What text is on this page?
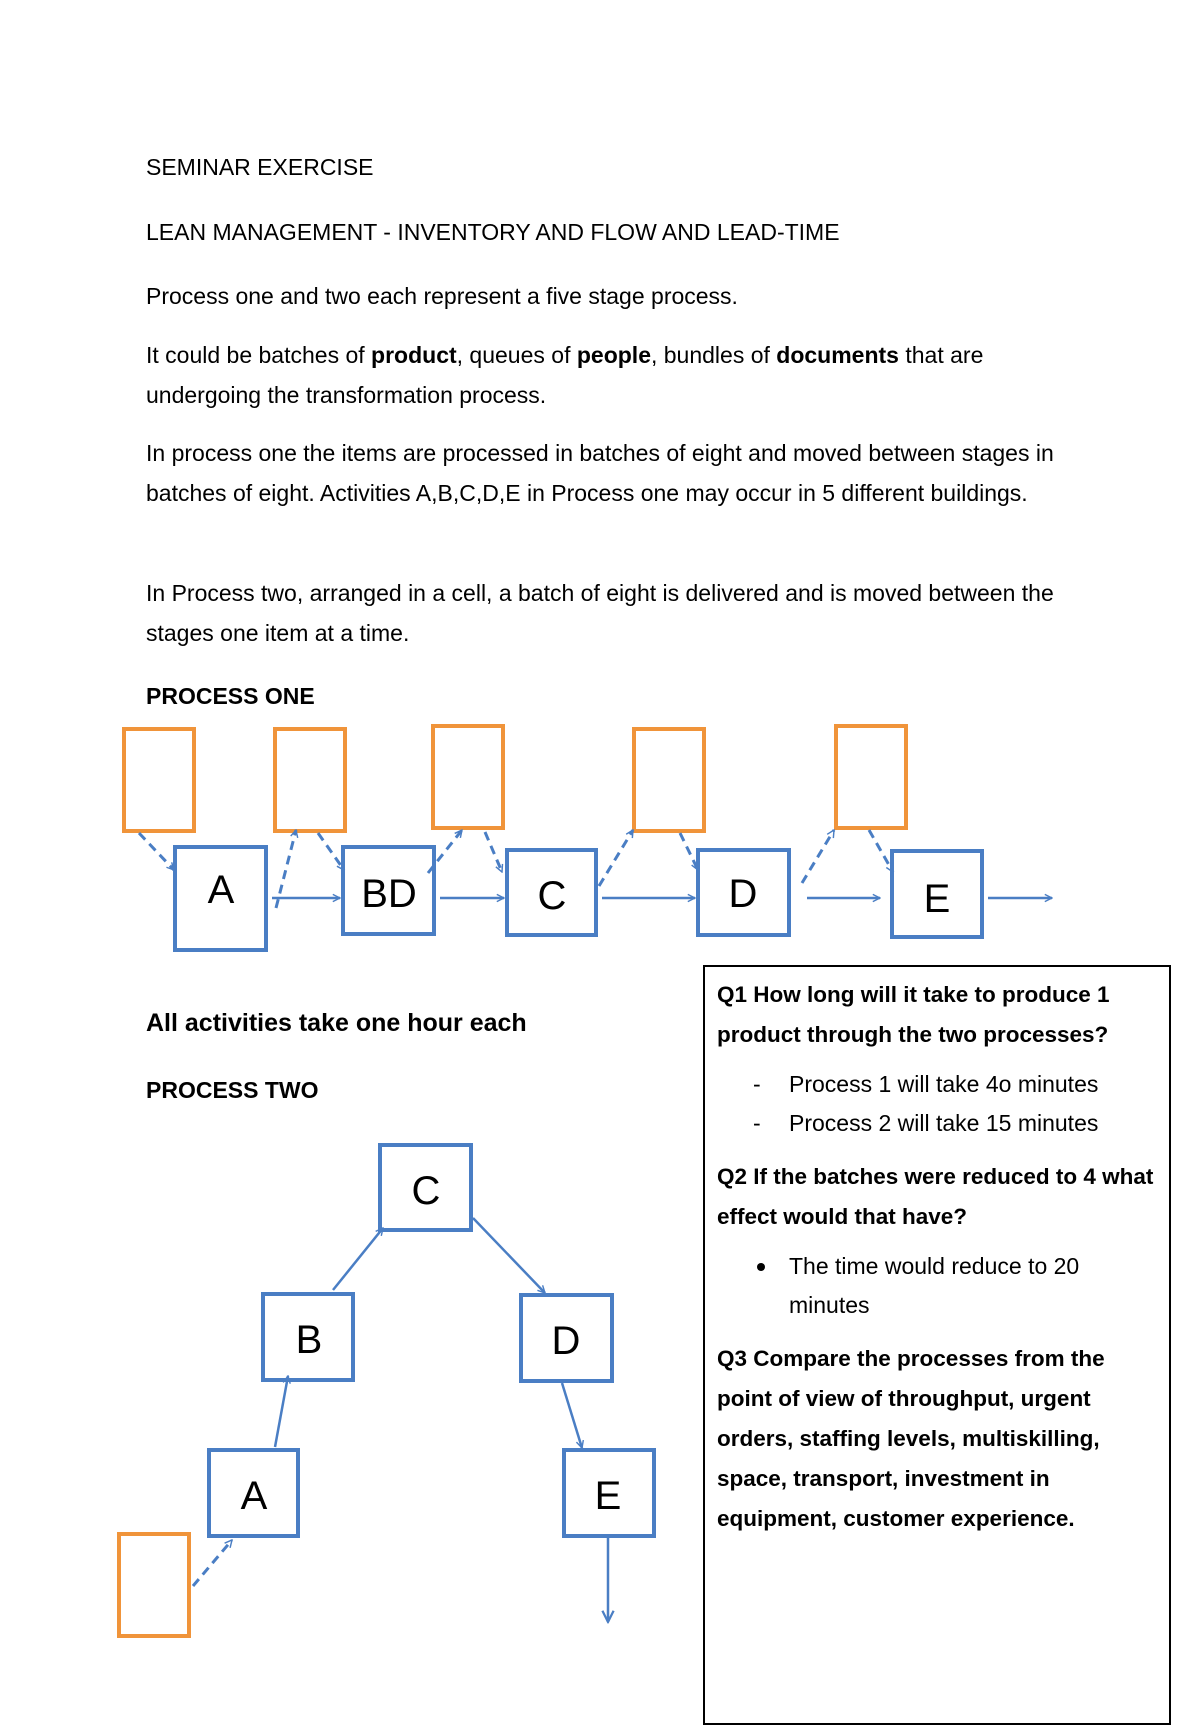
SEMINAR EXERCISE
LEAN MANAGEMENT - INVENTORY AND FLOW AND LEAD-TIME

Process one and two each represent a five stage process.

It could be batches of product, queues of people, bundles of documents that are undergoing the transformation process.

In process one the items are processed in batches of eight and moved between stages in batches of eight. Activities A,B,C,D,E in Process one may occur in 5 different buildings.

In Process two, arranged in a cell, a batch of eight is delivered and is moved between the stages one item at a time.

PROCESS ONE
All activities take one hour each
PROCESS TWO
A	BD	C	D	E
C
B	D
A	E

Q1 How long will it take to produce 1 product through the two processes?

- Process 1 will take 4o minutes
- Process 2 will take 15 minutes

Q2 If the batches were reduced to 4 what effect would that have?

The time would reduce to 20 minutes

Q3 Compare the processes from the point of view of throughput, urgent orders, staffing levels, multiskilling, space, transport, investment in equipment, customer experience.
